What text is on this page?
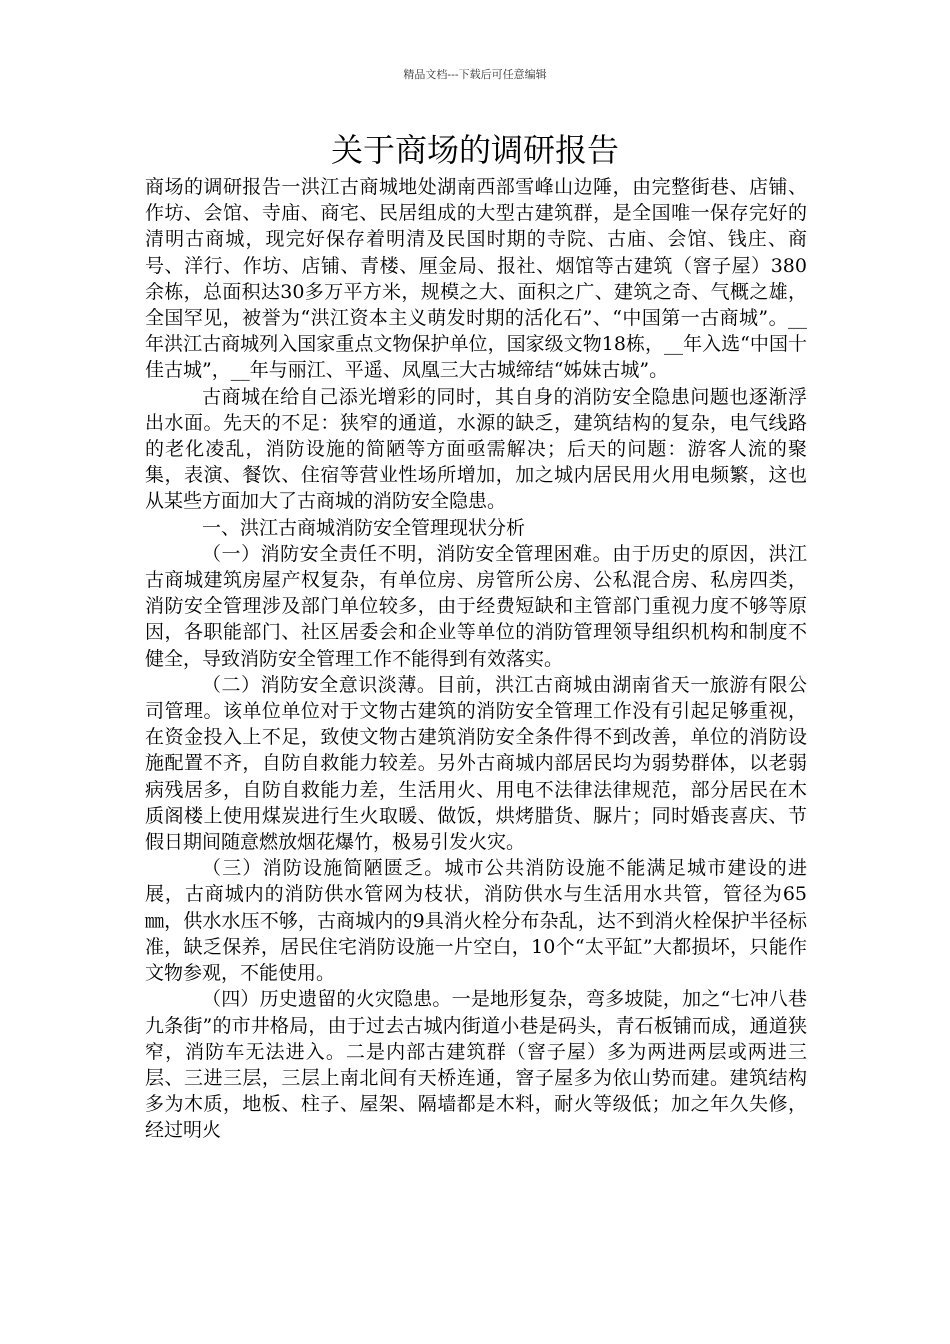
精品文档---下载后可任意编辑
关于商场的调研报告

商场的调研报告一洪江古商城地处湖南西部雪峰山边陲，由完整街巷、店铺、作坊、会馆、寺庙、商宅、民居组成的大型古建筑群，是全国唯一保存完好的清明古商城，现完好保存着明清及民国时期的寺院、古庙、会馆、钱庄、商号、洋行、作坊、店铺、青楼、厘金局、报社、烟馆等古建筑（窨子屋）380余栋，总面积达30多万平方米，规模之大、面积之广、建筑之奇、气概之雄，全国罕见，被誉为“洪江资本主义萌发时期的活化石”、“中国第一古商城”。__年洪江古商城列入国家重点文物保护单位，国家级文物18栋，__年入选“中国十佳古城”，__年与丽江、平遥、凤凰三大古城缔结“姊妹古城”。

古商城在给自己添光增彩的同时，其自身的消防安全隐患问题也逐渐浮出水面。先天的不足：狭窄的通道，水源的缺乏，建筑结构的复杂，电气线路的老化凌乱，消防设施的简陋等方面亟需解决；后天的问题：游客人流的聚集，表演、餐饮、住宿等营业性场所增加，加之城内居民用火用电频繁，这也从某些方面加大了古商城的消防安全隐患。

一、洪江古商城消防安全管理现状分析

（一）消防安全责任不明，消防安全管理困难。由于历史的原因，洪江古商城建筑房屋产权复杂，有单位房、房管所公房、公私混合房、私房四类，消防安全管理涉及部门单位较多，由于经费短缺和主管部门重视力度不够等原因，各职能部门、社区居委会和企业等单位的消防管理领导组织机构和制度不健全，导致消防安全管理工作不能得到有效落实。

（二）消防安全意识淡薄。目前，洪江古商城由湖南省天一旅游有限公司管理。该单位单位对于文物古建筑的消防安全管理工作没有引起足够重视，在资金投入上不足，致使文物古建筑消防安全条件得不到改善，单位的消防设施配置不齐，自防自救能力较差。另外古商城内部居民均为弱势群体，以老弱病残居多，自防自救能力差，生活用火、用电不法律法律规范，部分居民在木质阁楼上使用煤炭进行生火取暖、做饭，烘烤腊货、脲片；同时婚丧喜庆、节假日期间随意燃放烟花爆竹，极易引发火灾。

（三）消防设施简陋匮乏。城市公共消防设施不能满足城市建设的进展，古商城内的消防供水管网为枝状，消防供水与生活用水共管，管径为65㎜，供水水压不够，古商城内的9具消火栓分布杂乱，达不到消火栓保护半径标准，缺乏保养，居民住宅消防设施一片空白，10个“太平缸”大都损坏，只能作文物参观，不能使用。

（四）历史遗留的火灾隐患。一是地形复杂，弯多坡陡，加之“七冲八巷九条街”的市井格局，由于过去古城内街道小巷是码头，青石板铺而成，通道狭窄，消防车无法进入。二是内部古建筑群（窨子屋）多为两进两层或两进三层、三进三层，三层上南北间有天桥连通，窨子屋多为依山势而建。建筑结构多为木质，地板、柱子、屋架、隔墙都是木料，耐火等级低；加之年久失修，经过明火
